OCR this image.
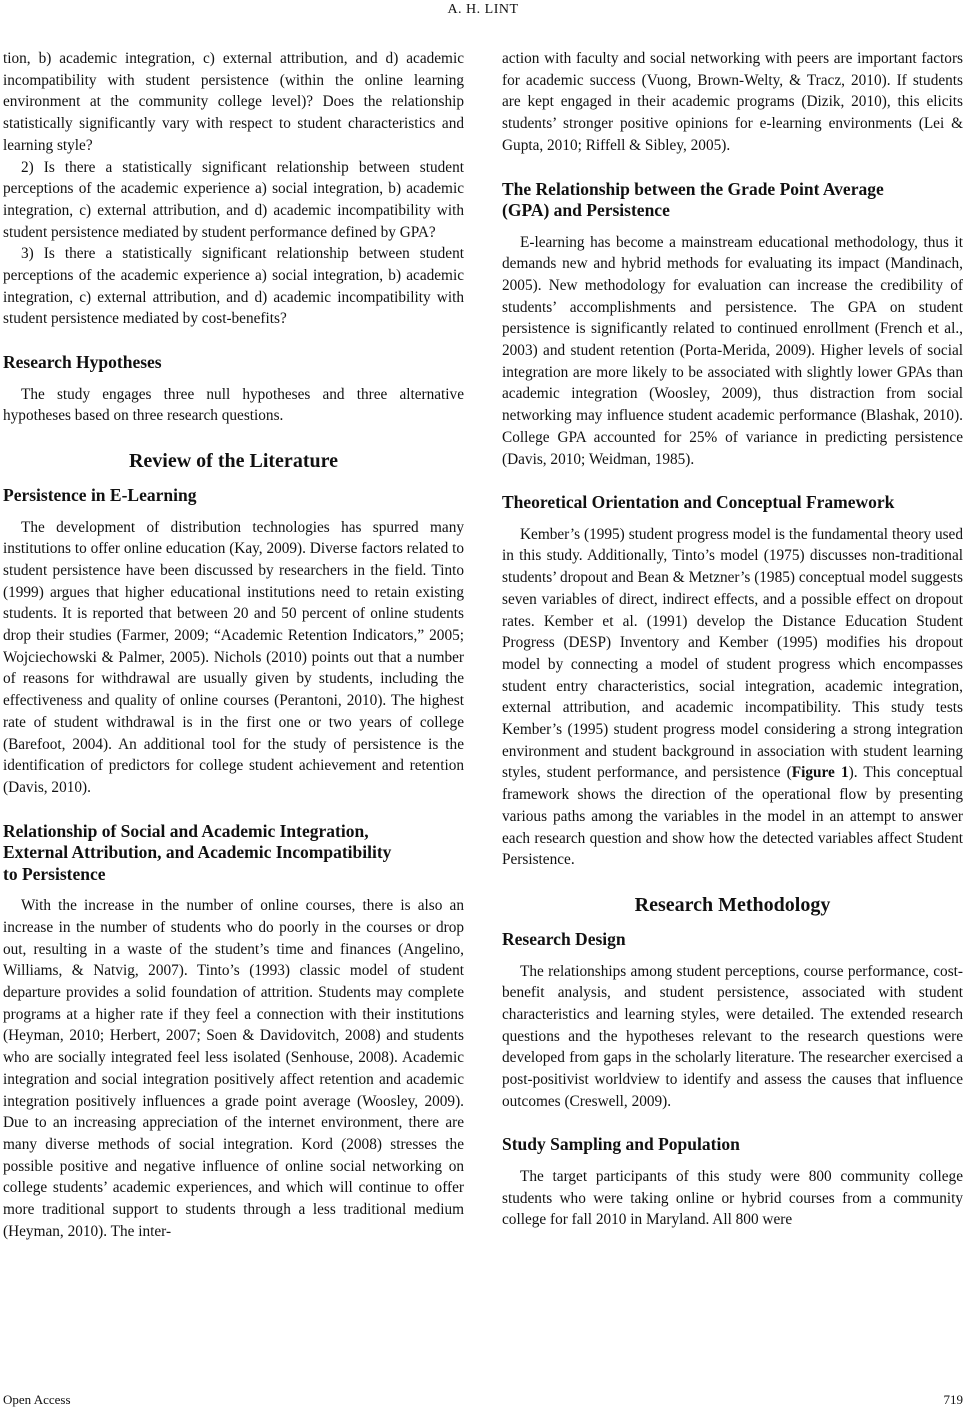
A. H. LINT

tion, b) academic integration, c) external attribution, and d) academic incompatibility with student persistence (within the online learning environment at the community college level)? Does the relationship statistically significantly vary with respect to student characteristics and learning style?

2) Is there a statistically significant relationship between student perceptions of the academic experience a) social integration, b) academic integration, c) external attribution, and d) academic incompatibility with student persistence mediated by student performance defined by GPA?

3) Is there a statistically significant relationship between student perceptions of the academic experience a) social integration, b) academic integration, c) external attribution, and d) academic incompatibility with student persistence mediated by cost-benefits?

Research Hypotheses

The study engages three null hypotheses and three alternative hypotheses based on three research questions.

Review of the Literature
Persistence in E-Learning

The development of distribution technologies has spurred many institutions to offer online education (Kay, 2009). Diverse factors related to student persistence have been discussed by researchers in the field. Tinto (1999) argues that higher educational institutions need to retain existing students. It is reported that between 20 and 50 percent of online students drop their studies (Farmer, 2009; “Academic Retention Indicators,” 2005; Wojciechowski & Palmer, 2005). Nichols (2010) points out that a number of reasons for withdrawal are usually given by students, including the effectiveness and quality of online courses (Perantoni, 2010). The highest rate of student withdrawal is in the first one or two years of college (Barefoot, 2004). An additional tool for the study of persistence is the identification of predictors for college student achievement and retention (Davis, 2010).

Relationship of Social and Academic Integration,
External Attribution, and Academic Incompatibility
to Persistence

With the increase in the number of online courses, there is also an increase in the number of students who do poorly in the courses or drop out, resulting in a waste of the student’s time and finances (Angelino, Williams, & Natvig, 2007). Tinto’s (1993) classic model of student departure provides a solid foundation of attrition. Students may complete programs at a higher rate if they feel a connection with their institutions (Heyman, 2010; Herbert, 2007; Soen & Davidovitch, 2008) and students who are socially integrated feel less isolated (Senhouse, 2008). Academic integration and social integration positively affect retention and academic integration positively influences a grade point average (Woosley, 2009). Due to an increasing appreciation of the internet environment, there are many diverse methods of social integration. Kord (2008) stresses the possible positive and negative influence of online social networking on college students’ academic experiences, and which will continue to offer more traditional support to students through a less traditional medium (Heyman, 2010). The inter-

action with faculty and social networking with peers are important factors for academic success (Vuong, Brown-Welty, & Tracz, 2010). If students are kept engaged in their academic programs (Dizik, 2010), this elicits students’ stronger positive opinions for e-learning environments (Lei & Gupta, 2010; Riffell & Sibley, 2005).

The Relationship between the Grade Point Average
(GPA) and Persistence

E-learning has become a mainstream educational methodology, thus it demands new and hybrid methods for evaluating its impact (Mandinach, 2005). New methodology for evaluation can increase the credibility of students’ accomplishments and persistence. The GPA on student persistence is significantly related to continued enrollment (French et al., 2003) and student retention (Porta-Merida, 2009). Higher levels of social integration are more likely to be associated with slightly lower GPAs than academic integration (Woosley, 2009), thus distraction from social networking may influence student academic performance (Blashak, 2010). College GPA accounted for 25% of variance in predicting persistence (Davis, 2010; Weidman, 1985).

Theoretical Orientation and Conceptual Framework

Kember’s (1995) student progress model is the fundamental theory used in this study. Additionally, Tinto’s model (1975) discusses non-traditional students’ dropout and Bean & Metzner’s (1985) conceptual model suggests seven variables of direct, indirect effects, and a possible effect on dropout rates. Kember et al. (1991) develop the Distance Education Student Progress (DESP) Inventory and Kember (1995) modifies his dropout model by connecting a model of student progress which encompasses student entry characteristics, social integration, academic integration, external attribution, and academic incompatibility. This study tests Kember’s (1995) student progress model considering a strong integration environment and student background in association with student learning styles, student performance, and persistence (Figure 1). This conceptual framework shows the direction of the operational flow by presenting various paths among the variables in the model in an attempt to answer each research question and show how the detected variables affect Student Persistence.

Research Methodology
Research Design

The relationships among student perceptions, course performance, cost-benefit analysis, and student persistence, associated with student characteristics and learning styles, were detailed. The extended research questions and the hypotheses relevant to the research questions were developed from gaps in the scholarly literature. The researcher exercised a post-positivist worldview to identify and assess the causes that influence outcomes (Creswell, 2009).

Study Sampling and Population

The target participants of this study were 800 community college students who were taking online or hybrid courses from a community college for fall 2010 in Maryland. All 800 were

Open Access	719
